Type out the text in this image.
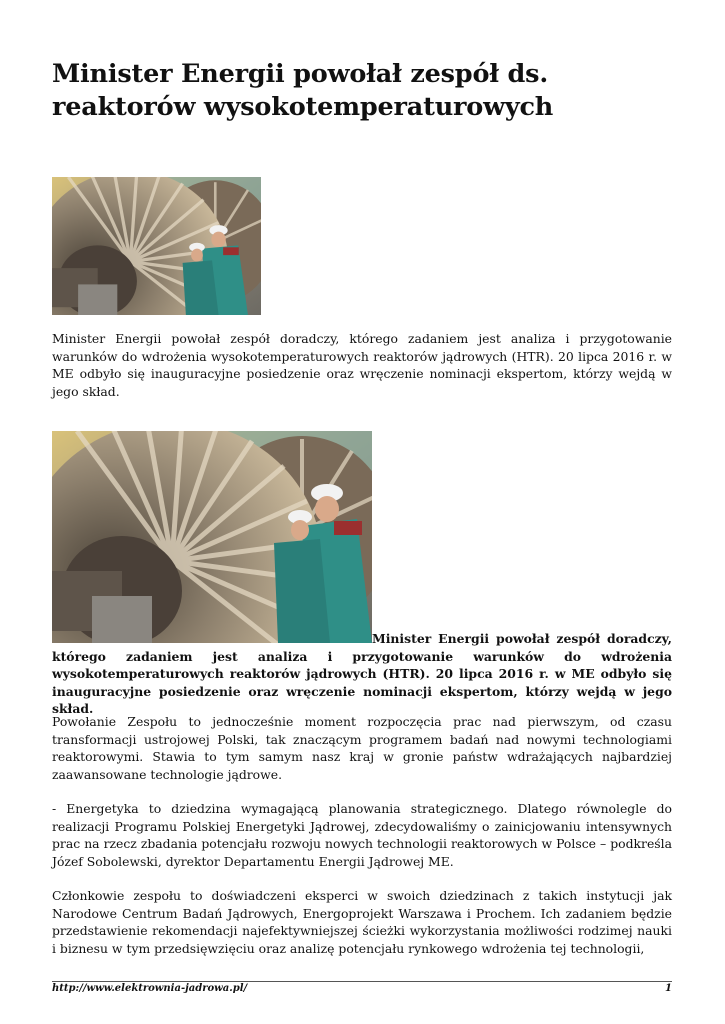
Minister Energii powołał zespół ds. reaktorów wysokotemperaturowych

Minister Energii powołał zespół doradczy, którego zadaniem jest analiza i przygotowanie warunków do wdrożenia wysokotemperaturowych reaktorów jądrowych (HTR). 20 lipca 2016 r. w ME odbyło się inauguracyjne posiedzenie oraz wręczenie nominacji ekspertom, którzy wejdą w jego skład.

Minister Energii powołał zespół doradczy, którego zadaniem jest analiza i przygotowanie warunków do wdrożenia wysokotemperaturowych reaktorów jądrowych (HTR). 20 lipca 2016 r. w ME odbyło się inauguracyjne posiedzenie oraz wręczenie nominacji ekspertom, którzy wejdą w jego skład.

Powołanie Zespołu to jednocześnie moment rozpoczęcia prac nad pierwszym, od czasu transformacji ustrojowej Polski, tak znaczącym programem badań nad nowymi technologiami reaktorowymi. Stawia to tym samym nasz kraj w gronie państw wdrażających najbardziej zaawansowane technologie jądrowe.

- Energetyka to dziedzina wymagającą planowania strategicznego. Dlatego równolegle do realizacji Programu Polskiej Energetyki Jądrowej, zdecydowaliśmy o zainicjowaniu intensywnych prac na rzecz zbadania potencjału rozwoju nowych technologii reaktorowych w Polsce – podkreśla Józef Sobolewski, dyrektor Departamentu Energii Jądrowej ME.

Członkowie zespołu to doświadczeni eksperci w swoich dziedzinach z takich instytucji jak Narodowe Centrum Badań Jądrowych, Energoprojekt Warszawa i Prochem. Ich zadaniem będzie przedstawienie rekomendacji najefektywniejszej ścieżki wykorzystania możliwości rodzimej nauki i biznesu w tym przedsięwzięciu oraz analizę potencjału rynkowego wdrożenia tej technologii,

http://www.elektrownia-jadrowa.pl/	1
